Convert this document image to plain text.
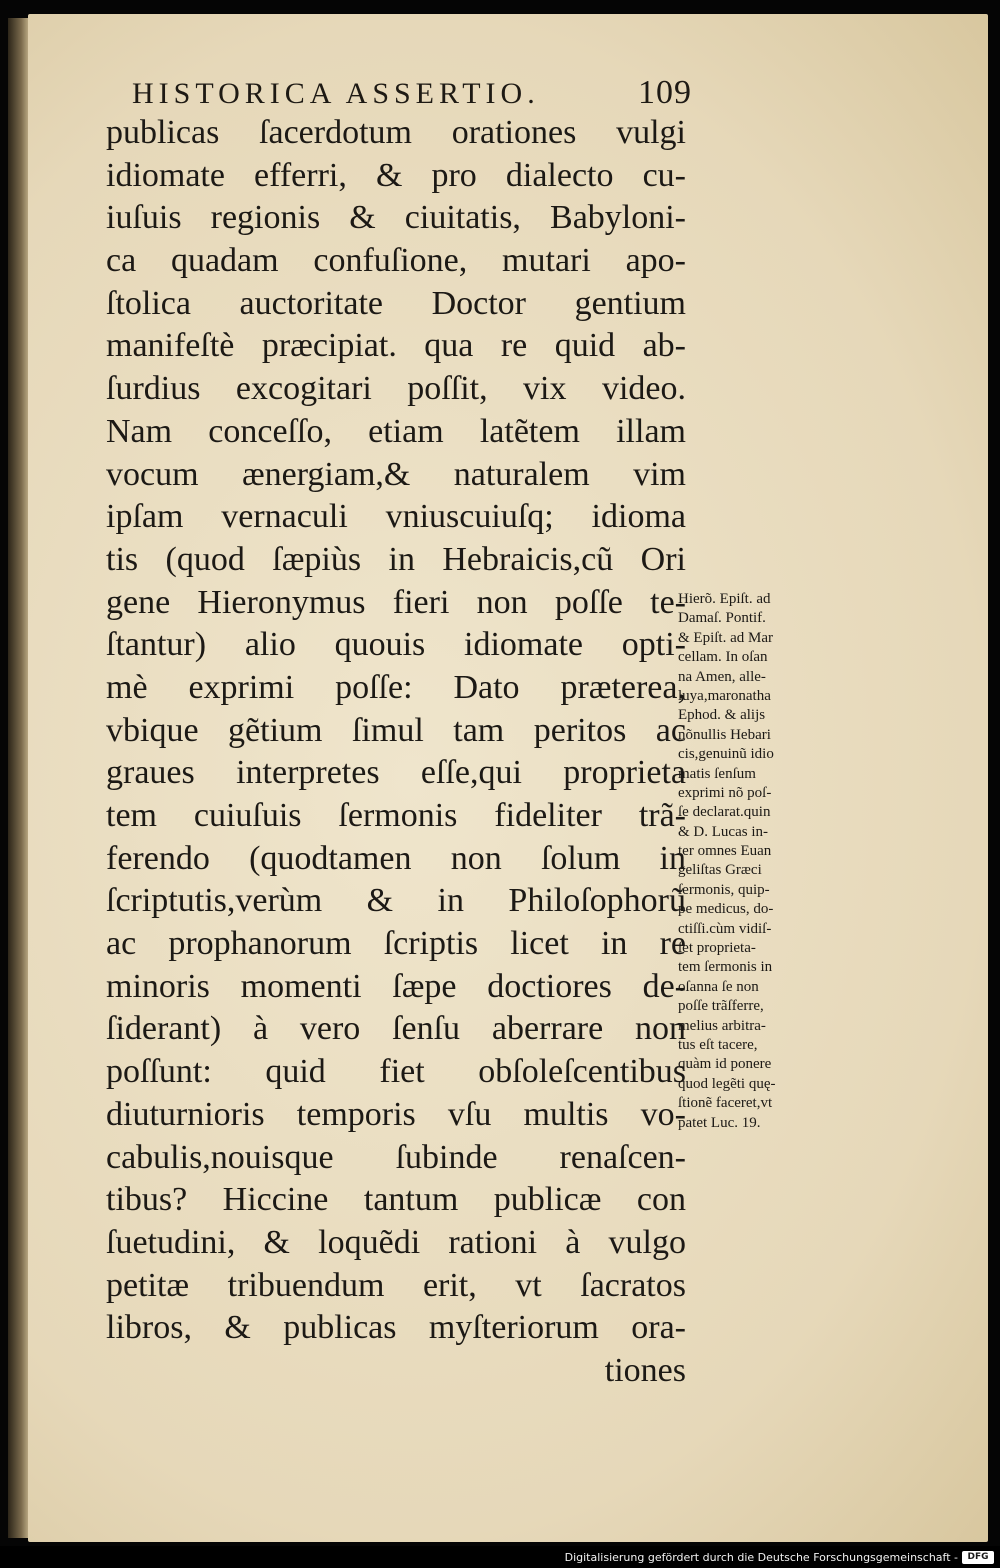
HISTORICA ASSERTIO.	109
publicas ſacerdotum orationes vulgi
idiomate efferri, & pro dialecto cu-
iuſuis regionis & ciuitatis, Babyloni-
ca quadam confuſione, mutari apo-
ſtolica auctoritate Doctor gentium
manifeſtè præcipiat. qua re quid ab-
ſurdius excogitari poſſit, vix video.
Nam conceſſo, etiam latẽtem illam
vocum ænergiam,& naturalem vim
ipſam vernaculi vniuscuiuſq; idioma
tis (quod ſæpiùs in Hebraicis,cũ Ori
gene Hieronymus fieri non poſſe te-
ſtantur) alio quouis idiomate opti-
mè exprimi poſſe: Dato præterea,
vbique gẽtium ſimul tam peritos ac
graues interpretes eſſe,qui proprieta
tem cuiuſuis ſermonis fideliter trã-
ferendo (quodtamen non ſolum in
ſcriptutis,verùm & in Philoſophorũ
ac prophanorum ſcriptis licet in re
minoris momenti ſæpe doctiores de-
ſiderant) à vero ſenſu aberrare non
poſſunt: quid fiet obſoleſcentibus
diuturnioris temporis vſu multis vo-
cabulis,nouisque ſubinde renaſcen-
tibus? Hiccine tantum publicæ con
ſuetudini, & loquẽdi rationi à vulgo
petitæ tribuendum erit, vt ſacratos
libros, & publicas myſteriorum ora-
tiones
Hierõ. Epiſt. ad
Damaſ. Pontif.
& Epiſt. ad Mar
cellam. In oſan
na Amen, alle-
luya,maronatha
Ephod. & alijs
nõnullis Hebari
cis,genuinũ idio
matis ſenſum
exprimi nõ poſ-
ſe declarat.quin
& D. Lucas in-
ter omnes Euan
geliſtas Græci
ſermonis, quip-
pe medicus, do-
ctiſſi.cùm vidiſ-
ſet proprieta-
tem ſermonis in
oſanna ſe non
poſſe trãſferre,
melius arbitra-
tus eſt tacere,
quàm id ponere
quod legẽti quę-
ſtionẽ faceret,vt
patet Luc. 19.
Digitalisierung gefördert durch die Deutsche Forschungsgemeinschaft -	DFG
